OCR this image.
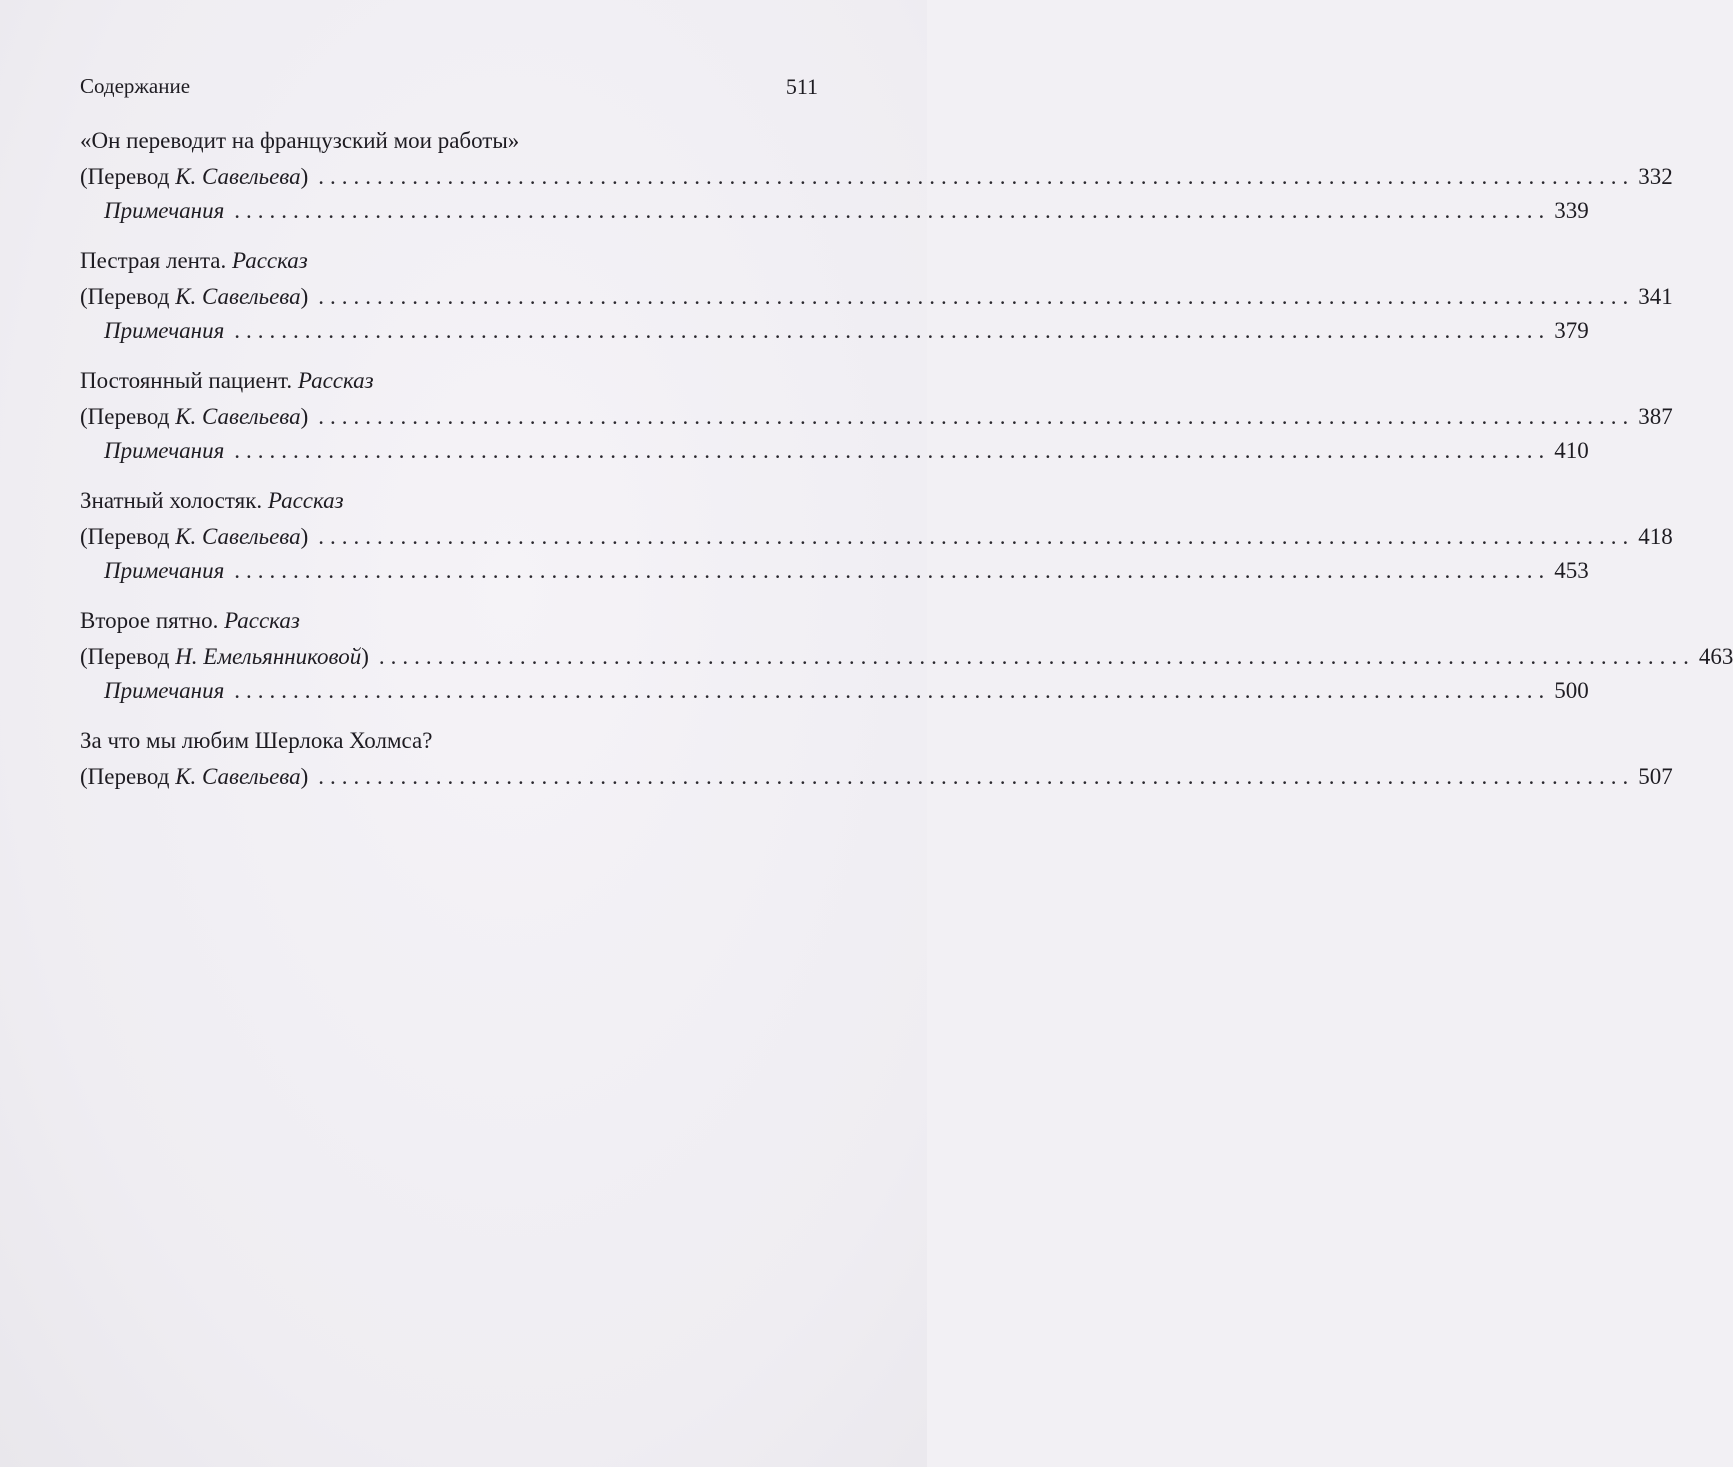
Содержание	511
«Он переводит на французский мои работы»
(Перевод К. Савельева) ................................................................................................................ 332
Примечания ................................................................................................................ 339
Пестрая лента. Рассказ
(Перевод К. Савельева) ................................................................................................................ 341
Примечания ................................................................................................................ 379
Постоянный пациент. Рассказ
(Перевод К. Савельева) ................................................................................................................ 387
Примечания ................................................................................................................ 410
Знатный холостяк. Рассказ
(Перевод К. Савельева) ................................................................................................................ 418
Примечания ................................................................................................................ 453
Второе пятно. Рассказ
(Перевод Н. Емельянниковой) ................................................................................................................ 463
Примечания ................................................................................................................ 500
За что мы любим Шерлока Холмса?
(Перевод К. Савельева) ................................................................................................................ 507
